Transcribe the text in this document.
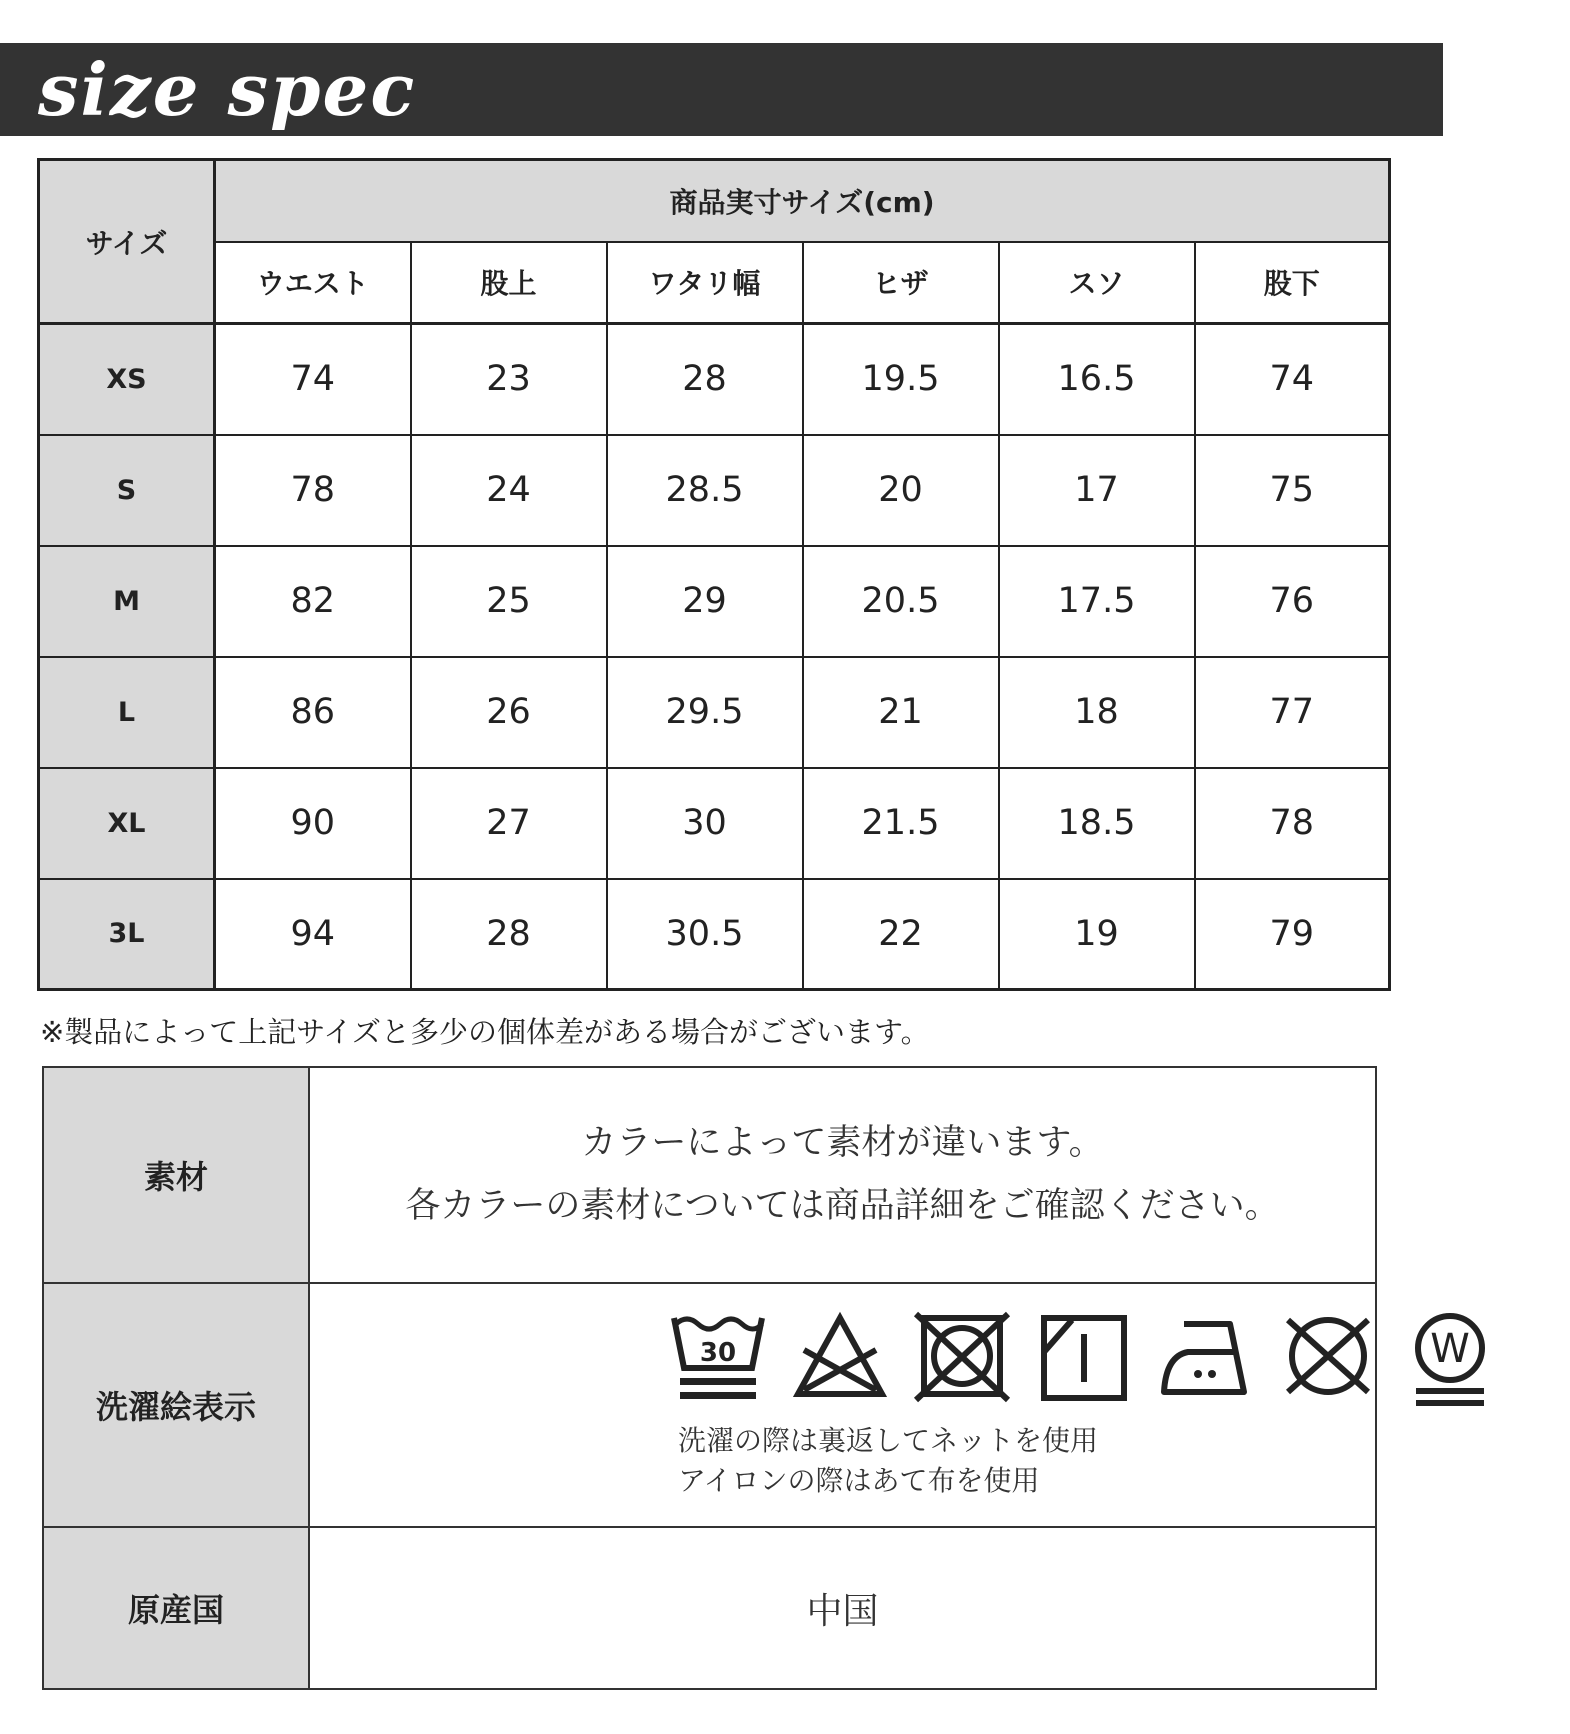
size spec
サイズ	商品実寸サイズ(cm)					
	ウエスト	股上	ワタリ幅	ヒザ	スソ	股下
XS	74	23	28	19.5	16.5	74
S	78	24	28.5	20	17	75
M	82	25	29	20.5	17.5	76
L	86	26	29.5	21	18	77
XL	90	27	30	21.5	18.5	78
3L	94	28	30.5	22	19	79
※製品によって上記サイズと多少の個体差がある場合がございます。
素材	カラーによって素材が違います。
各カラーの素材については商品詳細をご確認ください。

洗濯絵表示	30 W
洗濯の際は裏返してネットを使用
アイロンの際はあて布を使用

原産国	中国
